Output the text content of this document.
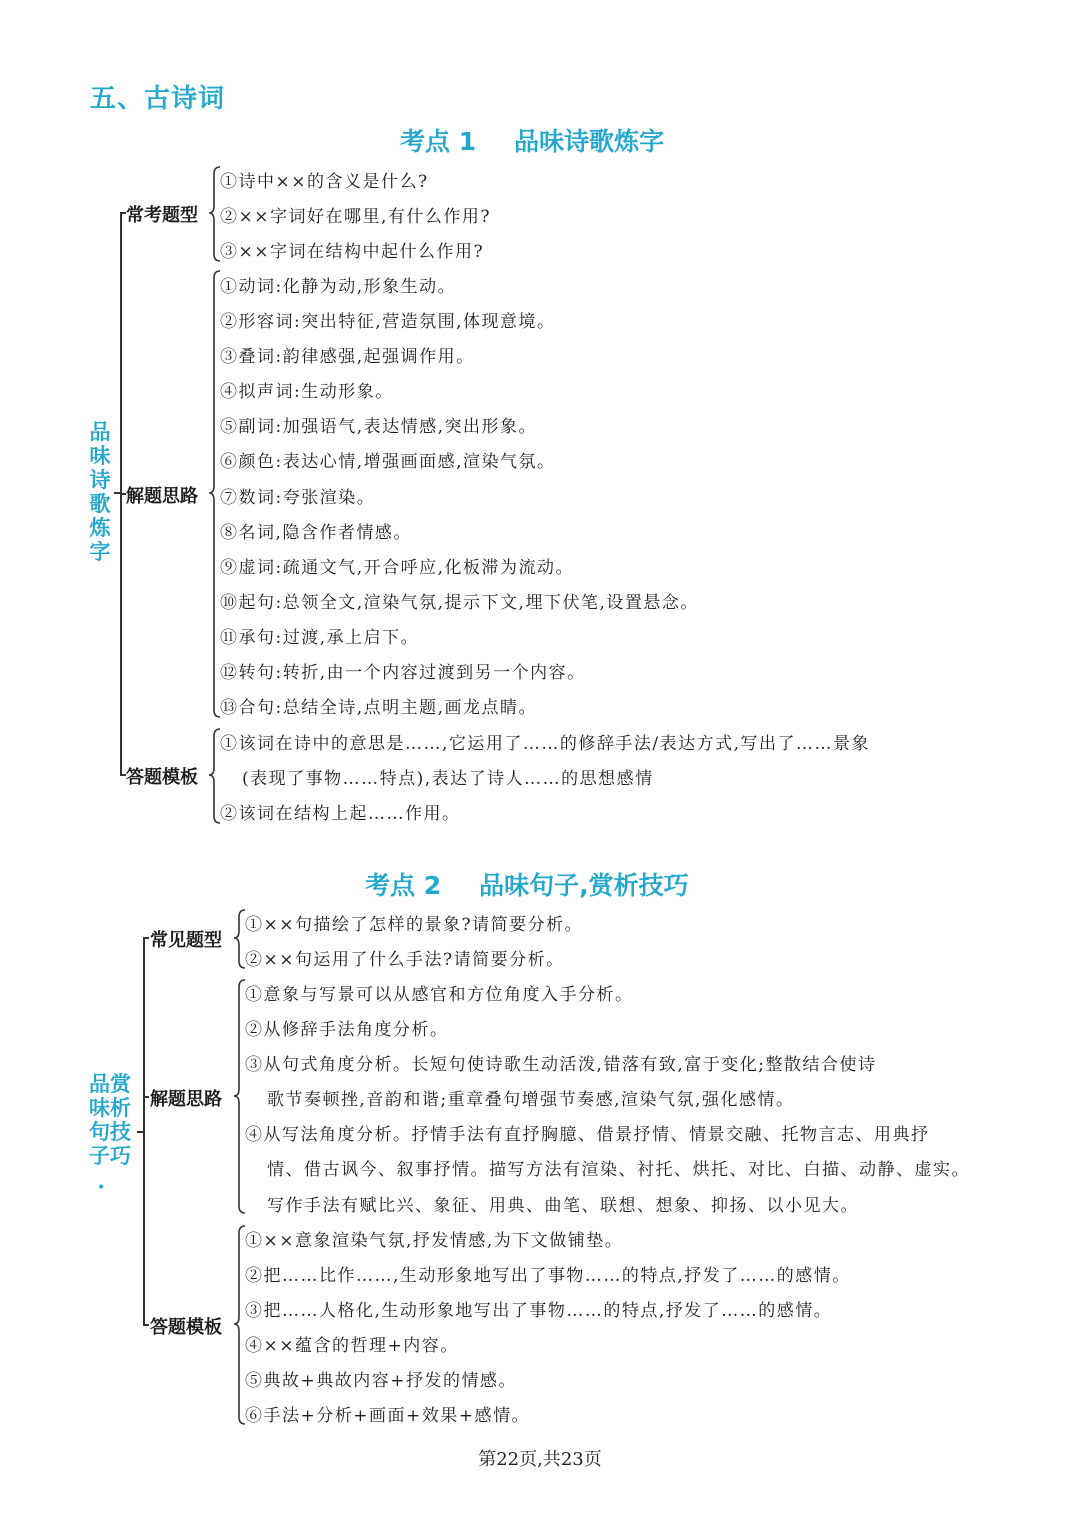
五、古诗词
考点 1 品味诗歌炼字
品
味
诗
歌
炼
字
常考题型
解题思路
答题模板
①诗中××的含义是什么?
②××字词好在哪里,有什么作用?
③××字词在结构中起什么作用?
①动词:化静为动,形象生动。
②形容词:突出特征,营造氛围,体现意境。
③叠词:韵律感强,起强调作用。
④拟声词:生动形象。
⑤副词:加强语气,表达情感,突出形象。
⑥颜色:表达心情,增强画面感,渲染气氛。
⑦数词:夸张渲染。
⑧名词,隐含作者情感。
⑨虚词:疏通文气,开合呼应,化板滞为流动。
⑩起句:总领全文,渲染气氛,提示下文,埋下伏笔,设置悬念。
⑪承句:过渡,承上启下。
⑫转句:转折,由一个内容过渡到另一个内容。
⑬合句:总结全诗,点明主题,画龙点睛。
①该词在诗中的意思是……,它运用了……的修辞手法/表达方式,写出了……景象
(表现了事物……特点),表达了诗人……的思想感情
②该词在结构上起……作用。
考点 2 品味句子,赏析技巧
品赏
味析
句技
子巧
•
常见题型
解题思路
答题模板
①××句描绘了怎样的景象?请简要分析。
②××句运用了什么手法?请简要分析。
①意象与写景可以从感官和方位角度入手分析。
②从修辞手法角度分析。
③从句式角度分析。长短句使诗歌生动活泼,错落有致,富于变化;整散结合使诗
歌节奏顿挫,音韵和谐;重章叠句增强节奏感,渲染气氛,强化感情。
④从写法角度分析。抒情手法有直抒胸臆、借景抒情、情景交融、托物言志、用典抒
情、借古讽今、叙事抒情。描写方法有渲染、衬托、烘托、对比、白描、动静、虚实。
写作手法有赋比兴、象征、用典、曲笔、联想、想象、抑扬、以小见大。
①××意象渲染气氛,抒发情感,为下文做铺垫。
②把……比作……,生动形象地写出了事物……的特点,抒发了……的感情。
③把……人格化,生动形象地写出了事物……的特点,抒发了……的感情。
④××蕴含的哲理+内容。
⑤典故+典故内容+抒发的情感。
⑥手法+分析+画面+效果+感情。
第22页,共23页
